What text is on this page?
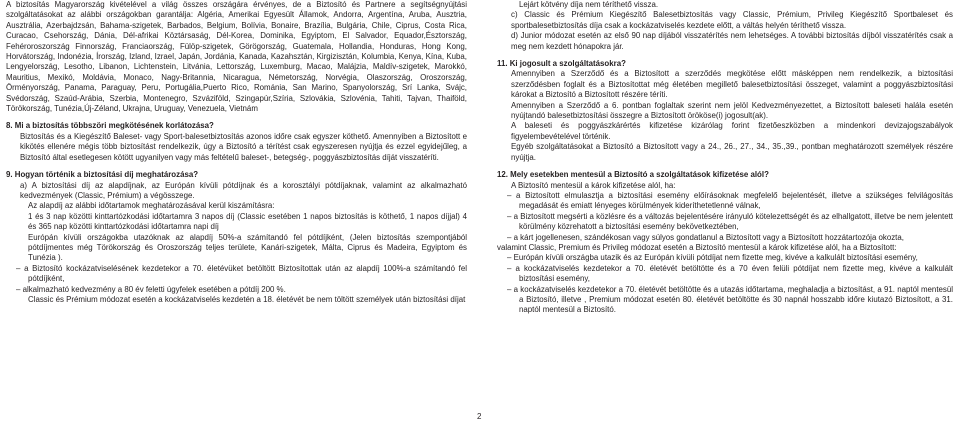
A biztosítás Magyarország kivételével a világ összes országára érvényes, de a Biztosító és Partnere a segítségnyújtási szolgáltatásokat az alábbi országokban garantálja: Algéria, Amerikai Egyesült Államok, Andorra, Argentína, Aruba, Ausztria, Ausztrália, Azerbajdzsán, Bahama-szigetek, Barbados, Belgium, Bolívia, Bonaire, Brazília, Bulgária, Chile, Ciprus, Costa Rica, Curacao, Csehország, Dánia, Dél-afrikai Köztársaság, Dél-Korea, Dominika, Egyiptom, El Salvador, Equador,Észtország, Fehéroroszország Finnország, Franciaország, Fülöp-szigetek, Görögország, Guatemala, Hollandia, Honduras, Hong Kong, Horvátország, Indonézia, Írország, Izland, Izrael, Japán, Jordánia, Kanada, Kazahsztán, Kirgizisztán, Kolumbia, Kenya, Kína, Kuba, Lengyelország, Lesotho, Libanon, Lichtenstein, Litvánia, Lettország, Luxemburg, Macao, Malájzia, Maldív-szigetek, Marokkó, Mauritius, Mexikó, Moldávia, Monaco, Nagy-Britannia, Nicaragua, Németország, Norvégia, Olaszország, Oroszország, Örményország, Panama, Paraguay, Peru, Portugália,Puerto Rico, Románia, San Marino, Spanyolország, Srí Lanka, Svájc, Svédország, Szaúd-Arábia, Szerbia, Montenegro, Szváziföld, Szingapúr,Szíria, Szlovákia, Szlovénia, Tahiti, Tajvan, Thaiföld, Törökország, Tunézia,Új-Zéland, Ukrajna, Uruguay, Venezuela, Vietnám

8. Mi a biztosítás többszöri megkötésének korlátozása?

Biztosítás és a Kiegészítő Baleset- vagy Sport-balesetbiztosítás azonos időre csak egyszer köthető. Amennyiben a Biztosított e kikötés ellenére mégis több biztosítást rendelkezik, úgy a Biztosító a térítést csak egyszeresen nyújtja és ezzel egyidejűleg, a Biztosító által esetlegesen kötött ugyanilyen vagy más feltételű baleset-, betegség-, poggyászbiztosítás díját visszatéríti.

9. Hogyan történik a biztosítási díj meghatározása?

a) A biztosítási díj az alapdíjnak, az Európán kívüli pótdíjnak és a korosztályi pótdíjaknak, valamint az alkalmazható kedvezmények (Classic, Prémium) a végösszege.

Az alapdíj az alábbi időtartamok meghatározásával kerül kiszámításra:

1 és 3 nap közötti kinttartózkodási időtartamra 3 napos díj (Classic esetében 1 napos biztosítás is köthető, 1 napos díjjal) 4 és 365 nap közötti kinttartózkodási időtartamra napi díj

Európán kívüli országokba utazóknak az alapdíj 50%-a számítandó fel pótdíjként, (Jelen biztosítás szempontjából pótdíjmentes még Törökország és Oroszország teljes területe, Kanári-szigetek, Málta, Ciprus és Madeira, Egyiptom és Tunézia ).

– a Biztosító kockázatviselésének kezdetekor a 70. életévüket betöltött Biztosítottak után az alapdíj 100%-a számítandó fel pótdíjként,

– alkalmazható kedvezmény a 80 év feletti úgyfelek esetében a pótdíj 200 %.

Classic és Prémium módozat esetén a kockázatviselés kezdetén a 18. életévét be nem töltött személyek után biztosítási díjat

2

Lejárt kötvény díja nem téríthető vissza.

c) Classic és Prémium Kiegészítő Balesetbiztosítás vagy Classic, Prémium, Privileg Kiegészítő Sportbaleset és sportbalesetbiztosítás díja csak a kockázatviselés kezdete előtt, a váltás helyén téríthető vissza.

d) Junior módozat esetén az első 90 nap díjából visszatérítés nem lehetséges. A további biztosítás díjból visszatérítés csak a meg nem kezdett hónapokra jár.

11. Ki jogosult a szolgáltatásokra?

Amennyiben a Szerződő és a Biztosított a szerződés megkötése előtt másképpen nem rendelkezik, a biztosítási szerződésben foglalt és a Biztosítottat még életében megillető balesetbiztosítási összeget, valamint a poggyászbiztosítási károkat a Biztosító a Biztosított részére téríti.

Amennyiben a Szerződő a 6. pontban foglaltak szerint nem jelöl Kedvezményezettet, a Biztosított baleseti halála esetén nyújtandó balesetbiztosítási összegre a Biztosított örököse(i) jogosult(ak).

A baleseti és poggyászkárértés kifizetése kizárólag forint fizetőeszközben a mindenkori devizajogszabályok figyelembevételével történik.

Egyéb szolgáltatásokat a Biztosító a Biztosított vagy a 24., 26., 27., 34., 35.,39., pontban meghatározott személyek részére nyújtja.

12. Mely esetekben mentesül a Biztosító a szolgáltatások kifizetése alól?

A Biztosító mentesül a károk kifizetése alól, ha:

– a Biztosított elmulasztja a biztosítási esemény előírásoknak megfelelő bejelentését, illetve a szükséges felvilágosítás megadását és emiatt lényeges körülmények kideríthetetlenné válnak,

– a Biztosított megsérti a közlésre és a változás bejelentésére irányuló kötelezettségét és az elhallgatott, illetve be nem jelentett körülmény közrehatott a biztosítási esemény bekövetkeztében,

– a kárt jogellenesen, szándékosan vagy súlyos gondatlanul a Biztosított vagy a Biztosított hozzátartozója okozta,

valamint Classic, Premium és Privileg módozat esetén a Biztosító mentesül a károk kifizetése alól, ha a Biztosított:

– Európán kívüli országba utazik és az Európán kívüli pótdíjat nem fizette meg, kivéve a kalkulált biztosítási esemény,

– a kockázatviselés kezdetekor a 70. életévét betöltötte és a 70 éven felüli pótdíjat nem fizette meg, kivéve a kalkulált biztosítási esemény,

– a kockázatviselés kezdetekor a 70. életévét betöltötte és a utazás időtartama, meghaladja a biztosítást, a 91. naptól mentesül a Biztosító, illetve , Premium módozat esetén 80. életévét betöltötte és 30 napnál hosszabb időre kiutazó Biztosított, a 31. naptól mentesül a Biztosító.
